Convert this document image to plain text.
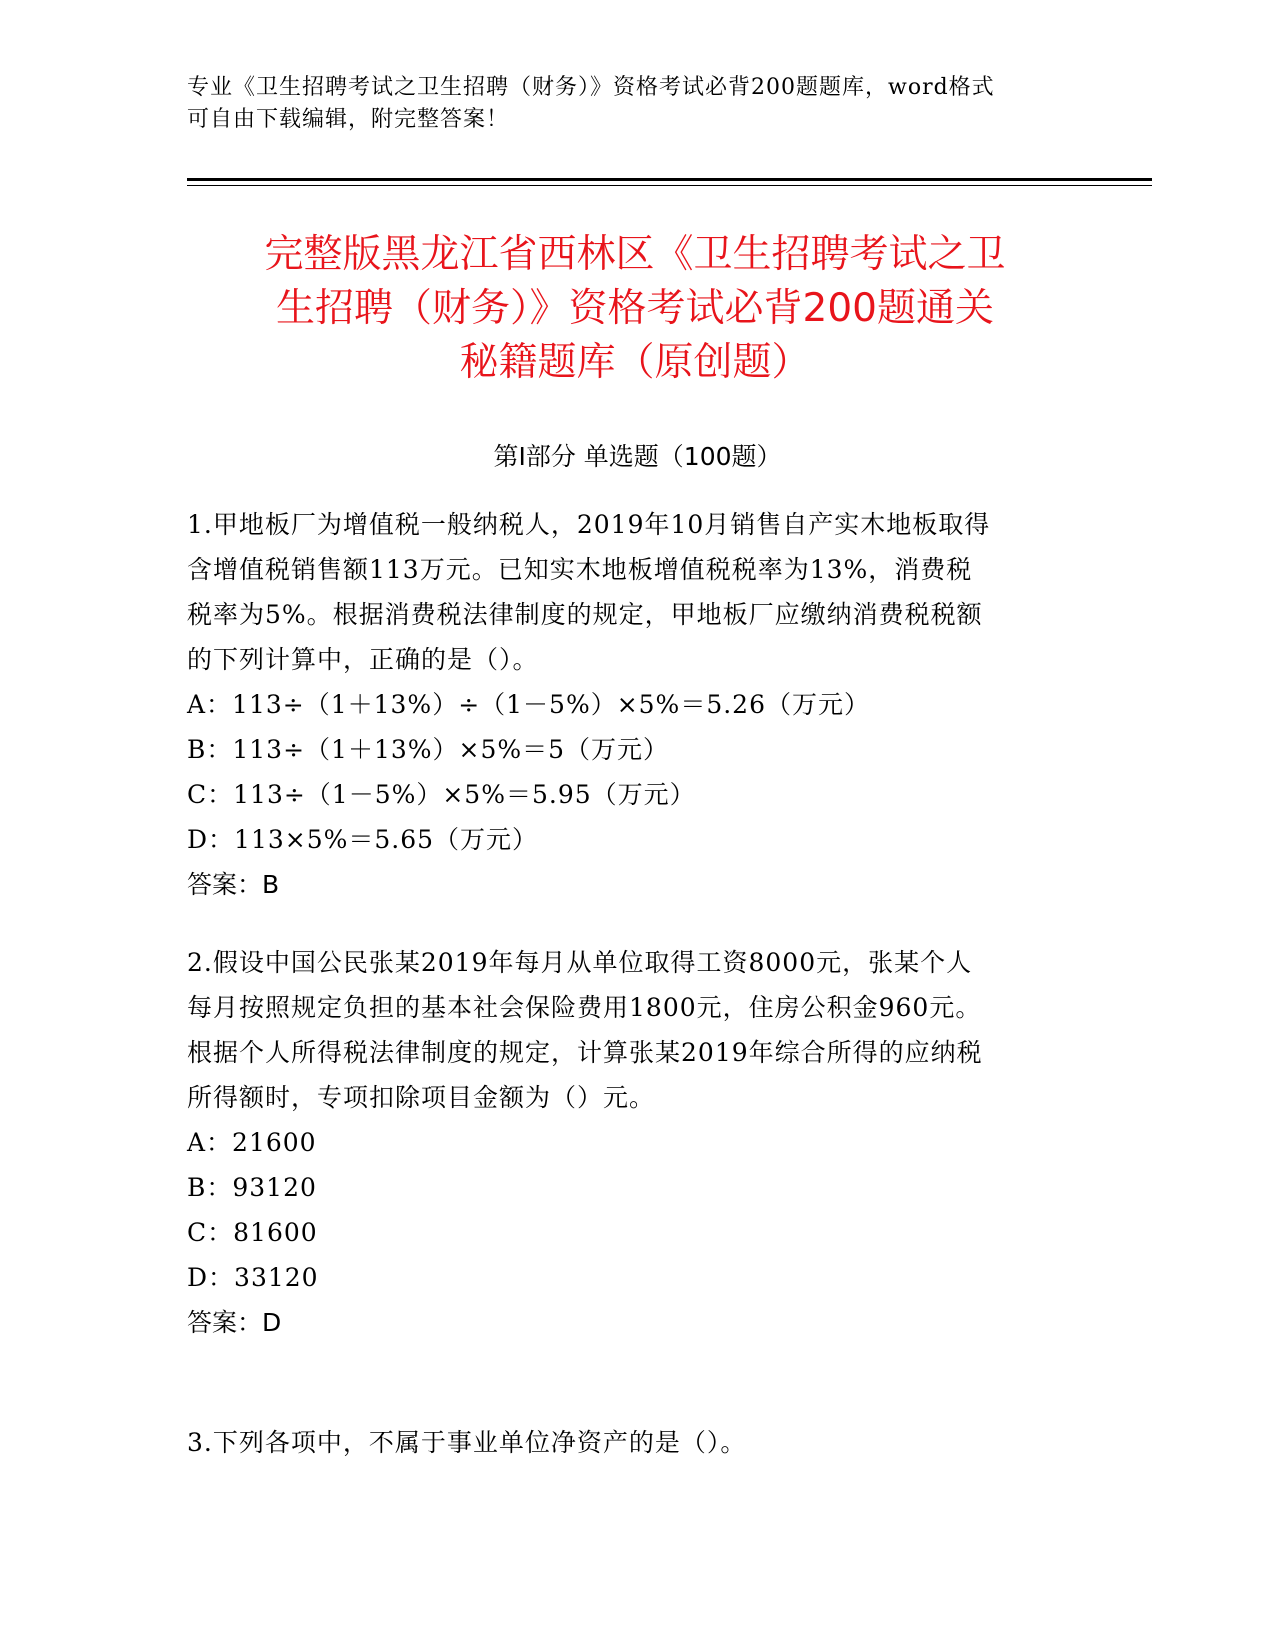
专业《卫生招聘考试之卫生招聘（财务）》资格考试必背200题题库，word格式
可自由下载编辑，附完整答案！
完整版黑龙江省西林区《卫生招聘考试之卫
生招聘（财务）》资格考试必背200题通关
秘籍题库（原创题）
第Ⅰ部分 单选题（100题）
1.甲地板厂为增值税一般纳税人，2019年10月销售自产实木地板取得
含增值税销售额113万元。已知实木地板增值税税率为13%，消费税
税率为5%。根据消费税法律制度的规定，甲地板厂应缴纳消费税税额
的下列计算中，正确的是（）。
A：113÷（1＋13%）÷（1－5%）×5%＝5.26（万元）
B：113÷（1＋13%）×5%＝5（万元）
C：113÷（1－5%）×5%＝5.95（万元）
D：113×5%＝5.65（万元）
答案：B
2.假设中国公民张某2019年每月从单位取得工资8000元，张某个人
每月按照规定负担的基本社会保险费用1800元，住房公积金960元。
根据个人所得税法律制度的规定，计算张某2019年综合所得的应纳税
所得额时，专项扣除项目金额为（）元。
A：21600
B：93120
C：81600
D：33120
答案：D
3.下列各项中，不属于事业单位净资产的是（）。
